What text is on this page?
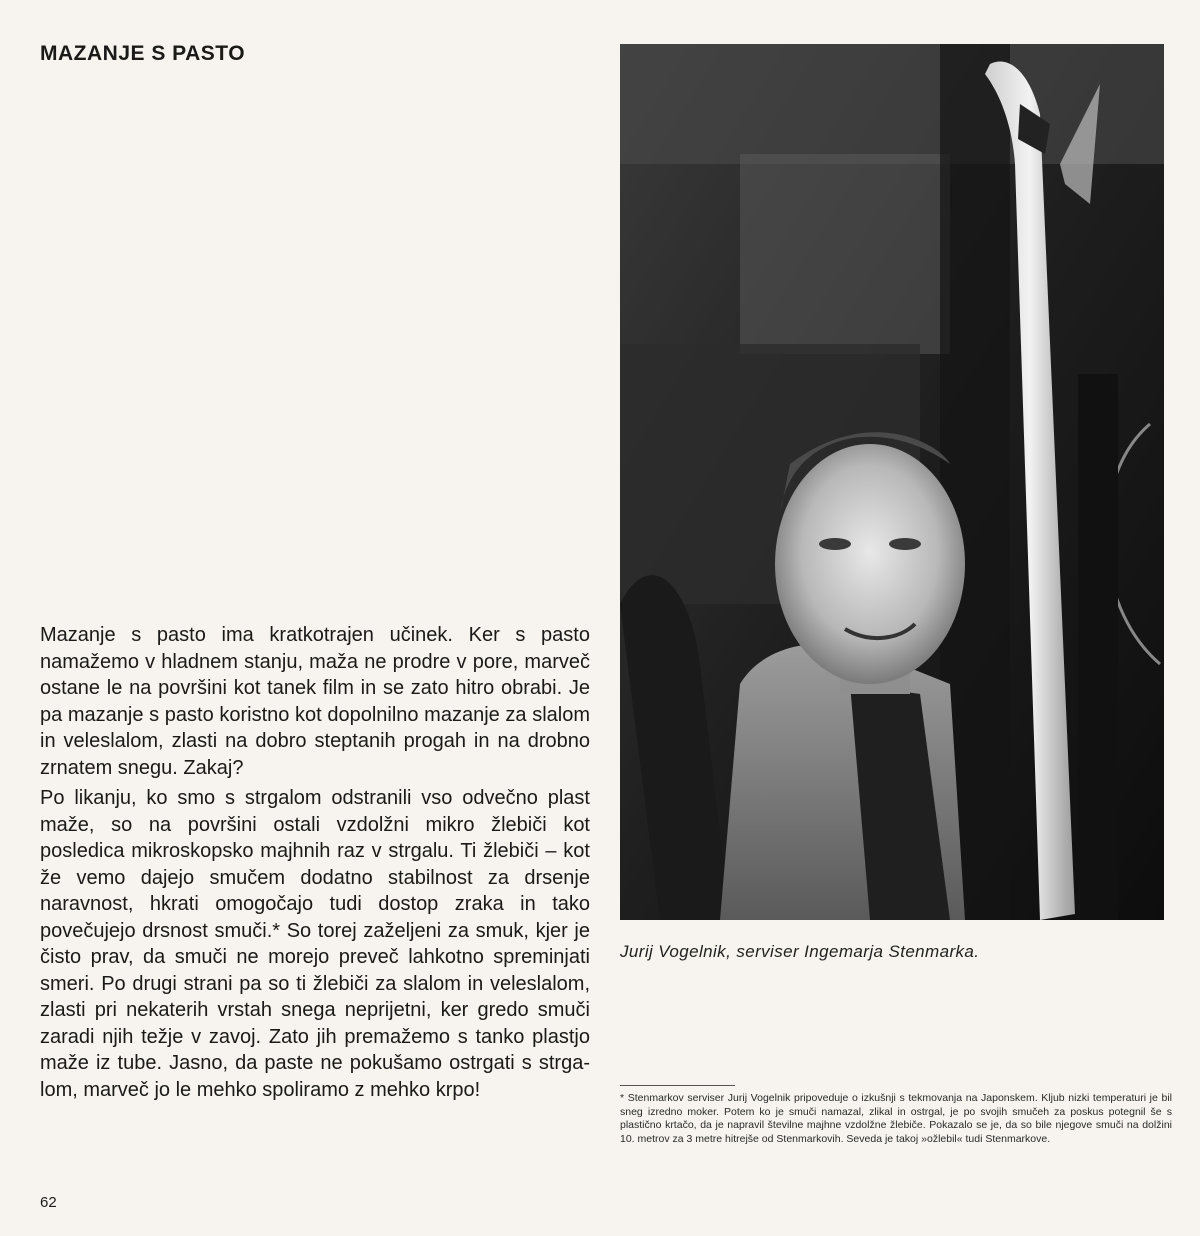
MAZANJE S PASTO

Mazanje s pasto ima kratkotrajen učinek. Ker s pasto namažemo v hladnem stanju, maža ne prodre v pore, marveč ostane le na površini kot tanek film in se zato hitro obrabi. Je pa mazanje s pasto koristno kot dopolnilno mazanje za slalom in veleslalom, zlasti na dobro steptanih progah in na drobno zrnatem snegu. Zakaj?

Po likanju, ko smo s strgalom odstranili vso odvečno plast maže, so na površini ostali vzdolžni mikro žlebiči kot posledica mikroskopsko majhnih raz v strgalu. Ti žlebiči – kot že vemo dajejo smučem dodatno stabilnost za drsenje naravnost, hkrati omogočajo tudi dostop zraka in tako povečujejo drsnost smuči.* So torej zaželjeni za smuk, kjer je čisto prav, da smuči ne morejo preveč lahkotno spreminjati smeri. Po drugi strani pa so ti žlebiči za slalom in veleslalom, zlasti pri nekaterih vrstah snega neprijetni, ker gredo smuči zaradi njih težje v zavoj. Zato jih premažemo s tanko plastjo maže iz tube. Jasno, da paste ne pokušamo ostrgati s strgalom, marveč jo le mehko spoliramo z mehko krpo!

62
Jurij Vogelnik, serviser Ingemarja Stenmarka.
* Stenmarkov serviser Jurij Vogelnik pripoveduje o izkušnji s tekmovanja na Japonskem. Kljub nizki temperaturi je bil sneg izredno moker. Potem ko je smuči namazal, zlikal in ostrgal, je po svojih smučeh za poskus potegnil še s plastično krtačo, da je napravil številne majhne vzdolžne žlebiče. Pokazalo se je, da so bile njegove smuči na dolžini 10. metrov za 3 metre hitrejše od Stenmarkovih. Seveda je takoj »ožlebil« tudi Stenmarkove.
